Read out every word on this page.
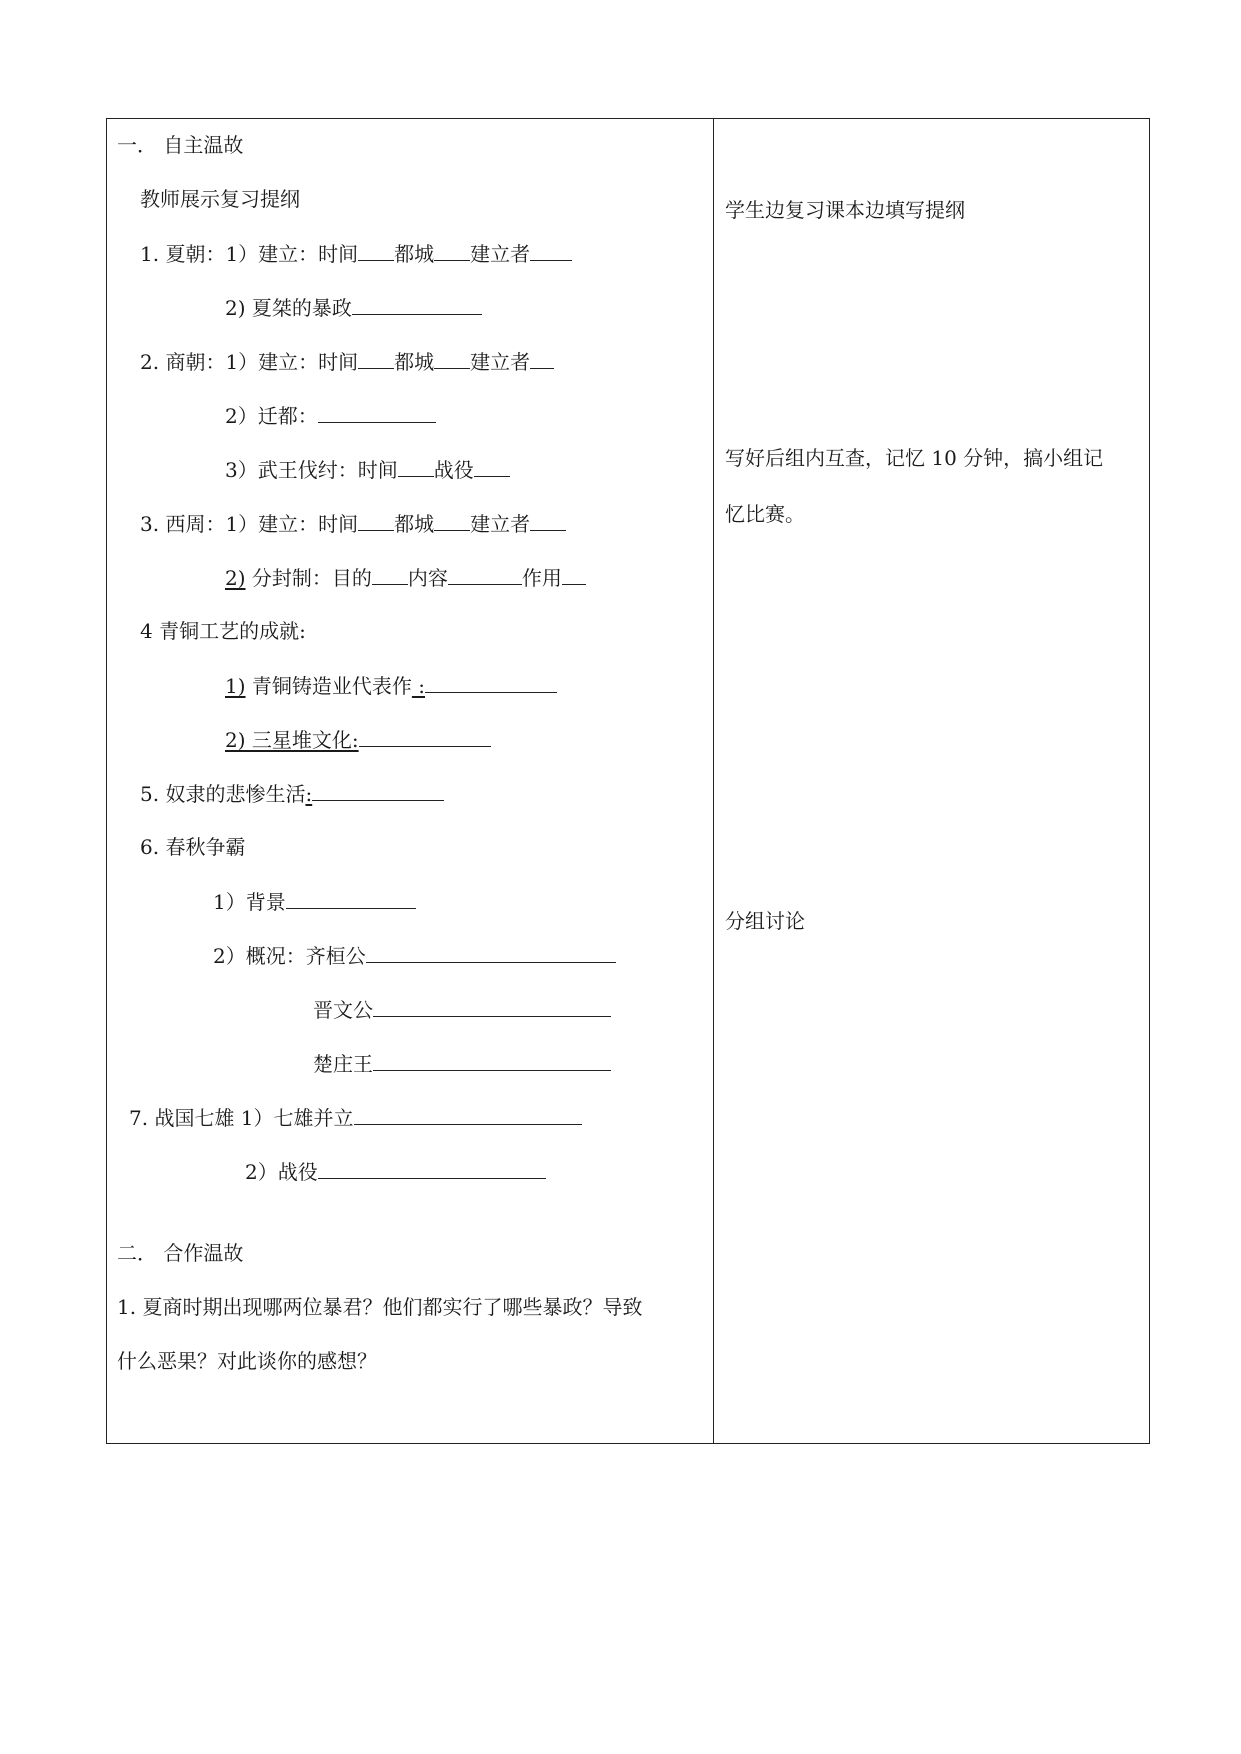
一． 自主温故
教师展示复习提纲
1. 夏朝：1）建立：时间 都城 建立者
2) 夏桀的暴政
2. 商朝：1）建立：时间 都城 建立者
2）迁都：
3）武王伐纣：时间 战役
3. 西周：1）建立：时间 都城 建立者
2) 分封制：目的 内容	作用
4 青铜工艺的成就:
1) 青铜铸造业代表作 :
2) 三星堆文化:
5. 奴隶的悲惨生活:
6. 春秋争霸
1）背景
2）概况：齐桓公
晋文公
楚庄王
7. 战国七雄 1）七雄并立
2）战役
二． 合作温故
1. 夏商时期出现哪两位暴君？他们都实行了哪些暴政？导致
什么恶果？对此谈你的感想？
学生边复习课本边填写提纲
写好后组内互查，记忆 10 分钟，搞小组记
忆比赛。
分组讨论
